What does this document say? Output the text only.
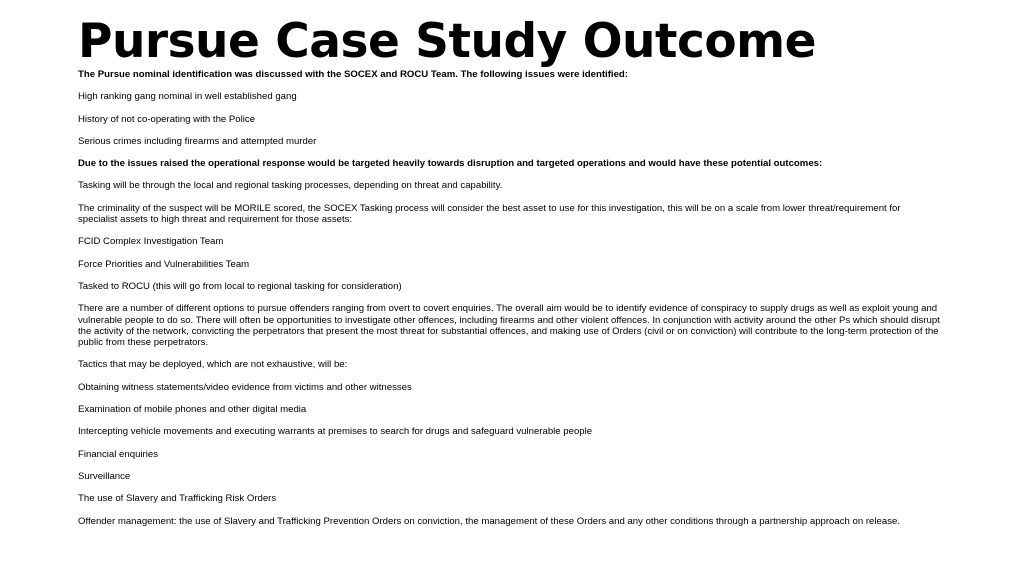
Pursue Case Study Outcome

The Pursue nominal identification was discussed with the SOCEX and ROCU Team. The following issues were identified:

High ranking gang nominal in well established gang

History of not co-operating with the Police

Serious crimes including firearms and attempted murder

Due to the issues raised the operational response would be targeted heavily towards disruption and targeted operations and would have these potential outcomes:

Tasking will be through the local and regional tasking processes, depending on threat and capability.

The criminality of the suspect will be MORILE scored, the SOCEX Tasking process will consider the best asset to use for this investigation, this will be on a scale from lower threat/requirement for specialist assets to high threat and requirement for those assets:

FCID Complex Investigation Team

Force Priorities and Vulnerabilities Team

Tasked to ROCU (this will go from local to regional tasking for consideration)

There are a number of different options to pursue offenders ranging from overt to covert enquiries. The overall aim would be to identify evidence of conspiracy to supply drugs as well as exploit young and vulnerable people to do so. There will often be opportunities to investigate other offences, including firearms and other violent offences. In conjunction with activity around the other Ps which should disrupt the activity of the network, convicting the perpetrators that present the most threat for substantial offences, and making use of Orders (civil or on conviction) will contribute to the long-term protection of the public from these perpetrators.

Tactics that may be deployed, which are not exhaustive, will be:

Obtaining witness statements/video evidence from victims and other witnesses

Examination of mobile phones and other digital media

Intercepting vehicle movements and executing warrants at premises to search for drugs and safeguard vulnerable people

Financial enquiries

Surveillance

The use of Slavery and Trafficking Risk Orders

Offender management: the use of Slavery and Trafficking Prevention Orders on conviction, the management of these Orders and any other conditions through a partnership approach on release.
